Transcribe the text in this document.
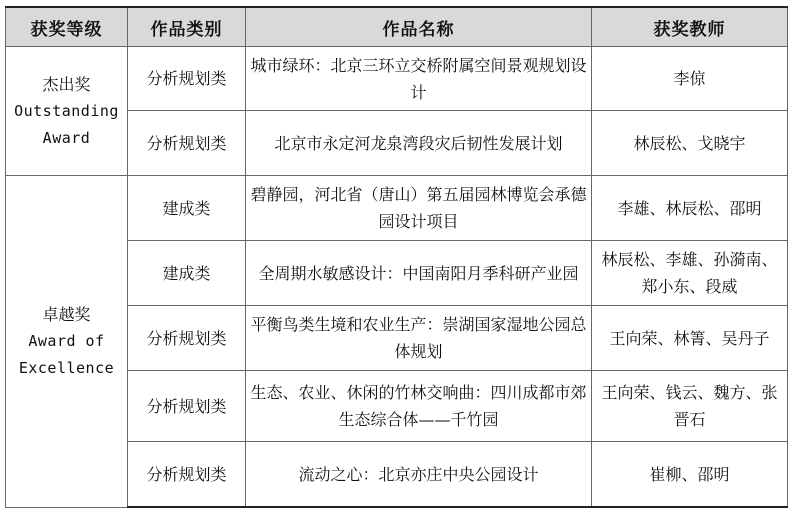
获奖等级	作品类别	作品名称	获奖教师

杰出奖
Outstanding
Award	分析规划类	城市绿环：北京三环立交桥附属空间景观规划设计	李倞
	分析规划类	北京市永定河龙泉湾段灾后韧性发展计划	林辰松、戈晓宇

卓越奖
Award of
Excellence	建成类	碧静园，河北省（唐山）第五届园林博览会承德园设计项目	李雄、林辰松、邵明
	建成类	全周期水敏感设计：中国南阳月季科研产业园	林辰松、李雄、孙漪南、郑小东、段威
	分析规划类	平衡鸟类生境和农业生产：崇湖国家湿地公园总体规划	王向荣、林箐、吴丹子
	分析规划类	生态、农业、休闲的竹林交响曲：四川成都市郊生态综合体——千竹园	王向荣、钱云、魏方、张晋石
	分析规划类	流动之心：北京亦庄中央公园设计	崔柳、邵明
